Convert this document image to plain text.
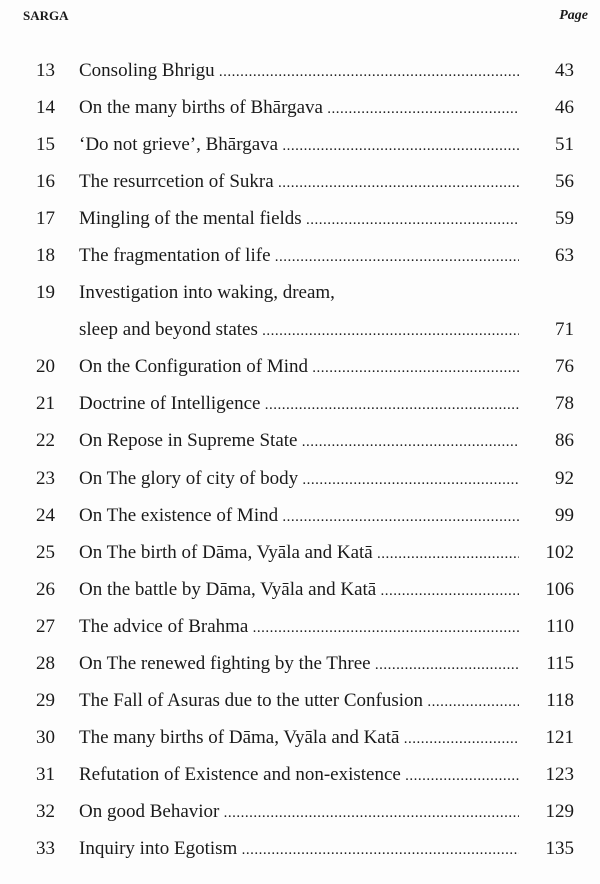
SARGA	Page
13	Consoling Bhrigu .....	43
14	On the many births of Bhārgava .....	46
15	‘Do not grieve’, Bhārgava .....	51
16	The resurrcetion of Sukra .....	56
17	Mingling of the mental fields .....	59
18	The fragmentation of life .....	63
19	Investigation into waking, dream,
sleep and beyond states .....	71
20	On the Configuration of Mind .....	76
21	Doctrine of Intelligence .....	78
22	On Repose in Supreme State .....	86
23	On The glory of city of body .....	92
24	On The existence of Mind .....	99
25	On The birth of Dāma, Vyāla and Katā .....	102
26	On the battle by Dāma, Vyāla and Katā .....	106
27	The advice of Brahma .....	110
28	On The renewed fighting by the Three .....	115
29	The Fall of Asuras due to the utter Confusion .....	118
30	The many births of Dāma, Vyāla and Katā .....	121
31	Refutation of Existence and non-existence .....	123
32	On good Behavior .....	129
33	Inquiry into Egotism .....	135
